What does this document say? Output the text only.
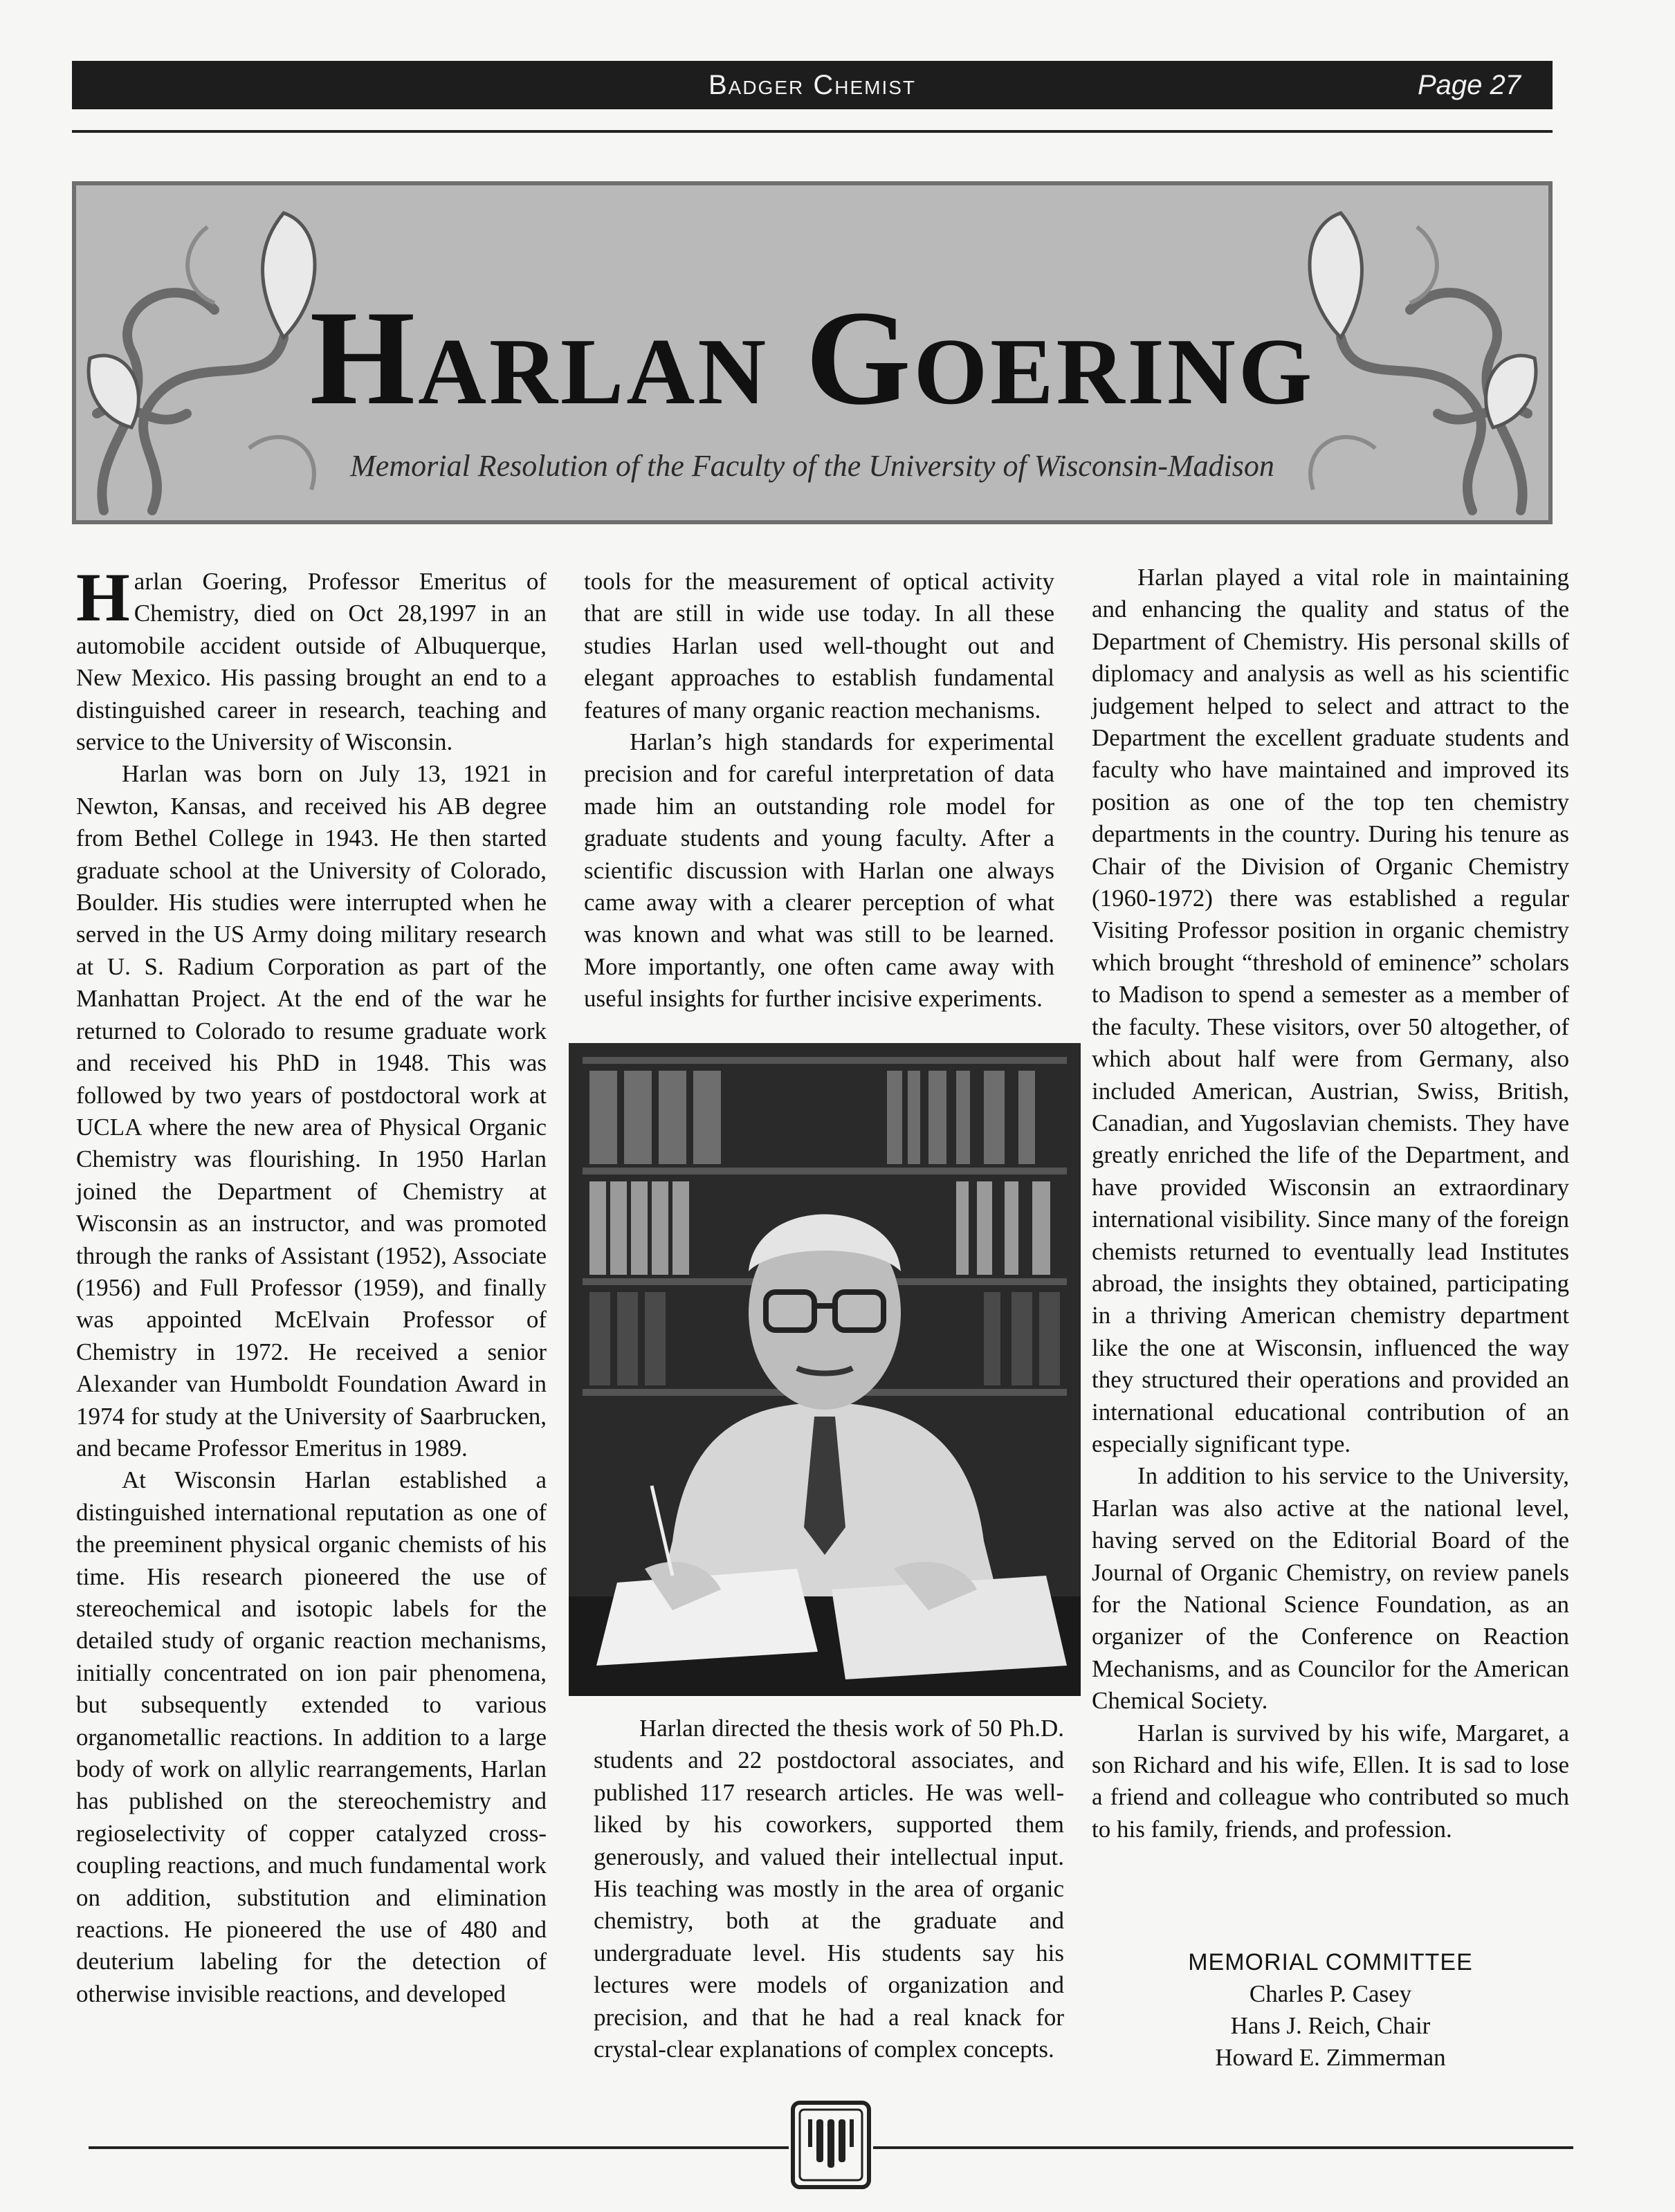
Badger Chemist	Page 27
Harlan Goering
Memorial Resolution of the Faculty of the University of Wisconsin-Madison

Harlan Goering, Professor Emeritus of Chemistry, died on Oct 28,1997 in an automobile accident outside of Albuquerque, New Mexico. His passing brought an end to a distinguished career in research, teaching and service to the University of Wisconsin.

Harlan was born on July 13, 1921 in Newton, Kansas, and received his AB degree from Bethel College in 1943. He then started graduate school at the University of Colorado, Boulder. His studies were interrupted when he served in the US Army doing military research at U. S. Radium Corporation as part of the Manhattan Project. At the end of the war he returned to Colorado to resume graduate work and received his PhD in 1948. This was followed by two years of postdoctoral work at UCLA where the new area of Physical Organic Chemistry was flourishing. In 1950 Harlan joined the Department of Chemistry at Wisconsin as an instructor, and was promoted through the ranks of Assistant (1952), Associate (1956) and Full Professor (1959), and finally was appointed McElvain Professor of Chemistry in 1972. He received a senior Alexander van Humboldt Foundation Award in 1974 for study at the University of Saarbrucken, and became Professor Emeritus in 1989.

At Wisconsin Harlan established a distinguished international reputation as one of the preeminent physical organic chemists of his time. His research pioneered the use of stereochemical and isotopic labels for the detailed study of organic reaction mechanisms, initially concentrated on ion pair phenomena, but subsequently extended to various organometallic reactions. In addition to a large body of work on allylic rearrangements, Harlan has published on the stereochemistry and regioselectivity of copper catalyzed cross-coupling reactions, and much fundamental work on addition, substitution and elimination reactions. He pioneered the use of 480 and deuterium labeling for the detection of otherwise invisible reactions, and developed

tools for the measurement of optical activity that are still in wide use today. In all these studies Harlan used well-thought out and elegant approaches to establish fundamental features of many organic reaction mechanisms.

Harlan’s high standards for experimental precision and for careful interpretation of data made him an outstanding role model for graduate students and young faculty. After a scientific discussion with Harlan one always came away with a clearer perception of what was known and what was still to be learned. More importantly, one often came away with useful insights for further incisive experiments.

Harlan directed the thesis work of 50 Ph.D. students and 22 postdoctoral associates, and published 117 research articles. He was well-liked by his coworkers, supported them generously, and valued their intellectual input. His teaching was mostly in the area of organic chemistry, both at the graduate and undergraduate level. His students say his lectures were models of organization and precision, and that he had a real knack for crystal-clear explanations of complex concepts.

Harlan played a vital role in maintaining and enhancing the quality and status of the Department of Chemistry. His personal skills of diplomacy and analysis as well as his scientific judgement helped to select and attract to the Department the excellent graduate students and faculty who have maintained and improved its position as one of the top ten chemistry departments in the country. During his tenure as Chair of the Division of Organic Chemistry (1960-1972) there was established a regular Visiting Professor position in organic chemistry which brought “threshold of eminence” scholars to Madison to spend a semester as a member of the faculty. These visitors, over 50 altogether, of which about half were from Germany, also included American, Austrian, Swiss, British, Canadian, and Yugoslavian chemists. They have greatly enriched the life of the Department, and have provided Wisconsin an extraordinary international visibility. Since many of the foreign chemists returned to eventually lead Institutes abroad, the insights they obtained, participating in a thriving American chemistry department like the one at Wisconsin, influenced the way they structured their operations and provided an international educational contribution of an especially significant type.

In addition to his service to the University, Harlan was also active at the national level, having served on the Editorial Board of the Journal of Organic Chemistry, on review panels for the National Science Foundation, as an organizer of the Conference on Reaction Mechanisms, and as Councilor for the American Chemical Society.

Harlan is survived by his wife, Margaret, a son Richard and his wife, Ellen. It is sad to lose a friend and colleague who contributed so much to his family, friends, and profession.

MEMORIAL COMMITTEE
Charles P. Casey
Hans J. Reich, Chair
Howard E. Zimmerman
